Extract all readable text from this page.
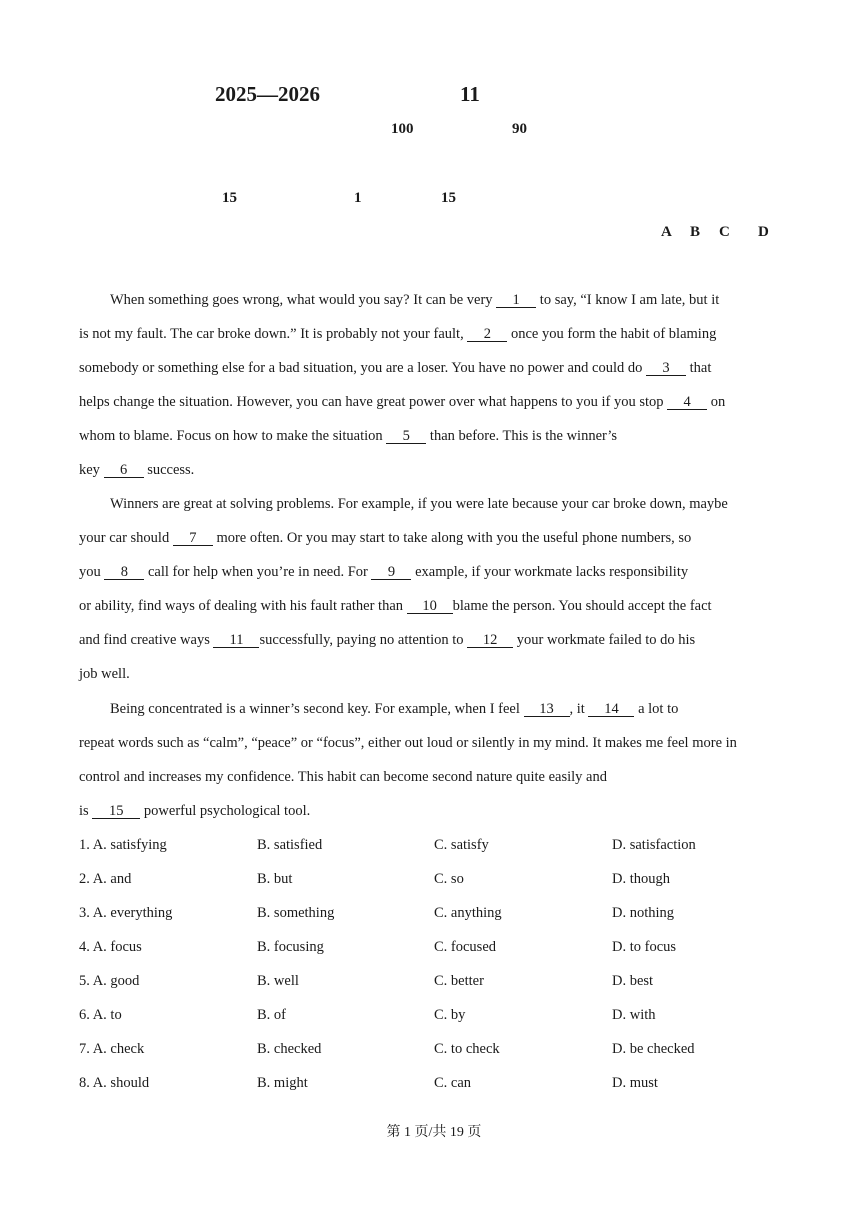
2025—2026	11
100	90
15	1	15
A B C D
When something goes wrong, what would you say? It can be very 1 to say, “I know I am late, but it
is not my fault. The car broke down.” It is probably not your fault, 2 once you form the habit of blaming
somebody or something else for a bad situation, you are a loser. You have no power and could do 3 that
helps change the situation. However, you can have great power over what happens to you if you stop 4 on
whom to blame. Focus on how to make the situation 5 than before. This is the winner’s
key 6 success.
Winners are great at solving problems. For example, if you were late because your car broke down, maybe
your car should 7 more often. Or you may start to take along with you the useful phone numbers, so
you 8 call for help when you’re in need. For 9 example, if your workmate lacks responsibility
or ability, find ways of dealing with his fault rather than 10 blame the person. You should accept the fact
and find creative ways 11 successfully, paying no attention to 12 your workmate failed to do his
job well.
Being concentrated is a winner’s second key. For example, when I feel 13 , it 14 a lot to
repeat words such as “calm”, “peace” or “focus”, either out loud or silently in my mind. It makes me feel more in
control and increases my confidence. This habit can become second nature quite easily and
is 15 powerful psychological tool.
1. A. satisfying	B. satisfied	C. satisfy	D. satisfaction
2. A. and	B. but	C. so	D. though
3. A. everything	B. something	C. anything	D. nothing
4. A. focus	B. focusing	C. focused	D. to focus
5. A. good	B. well	C. better	D. best
6. A. to	B. of	C. by	D. with
7. A. check	B. checked	C. to check	D. be checked
8. A. should	B. might	C. can	D. must
第 1 页/共 19 页
